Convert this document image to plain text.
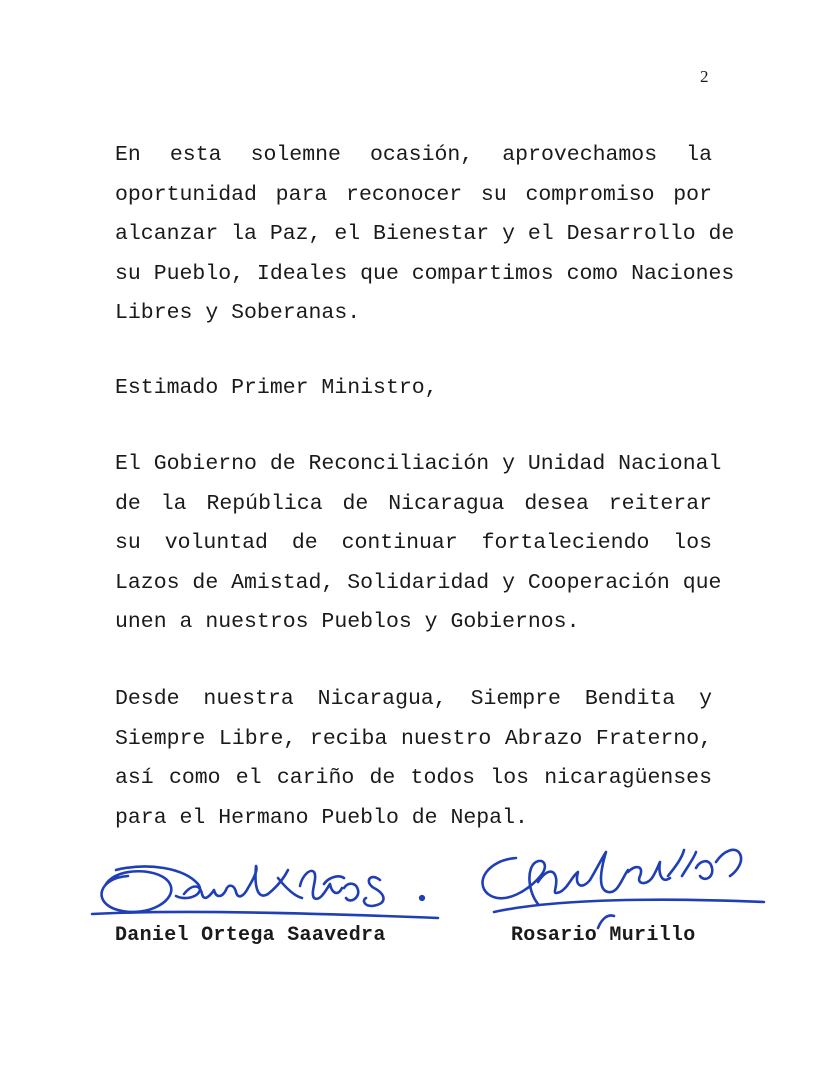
2
En esta solemne ocasión, aprovechamos la
oportunidad para reconocer su compromiso por
alcanzar la Paz, el Bienestar y el Desarrollo de
su Pueblo, Ideales que compartimos como Naciones
Libres y Soberanas.
Estimado Primer Ministro,
El Gobierno de Reconciliación y Unidad Nacional
de la República de Nicaragua desea reiterar
su voluntad de continuar fortaleciendo los
Lazos de Amistad, Solidaridad y Cooperación que
unen a nuestros Pueblos y Gobiernos.
Desde nuestra Nicaragua, Siempre Bendita y
Siempre Libre, reciba nuestro Abrazo Fraterno,
así como el cariño de todos los nicaragüenses
para el Hermano Pueblo de Nepal.
Daniel Ortega Saavedra	Rosario Murillo
